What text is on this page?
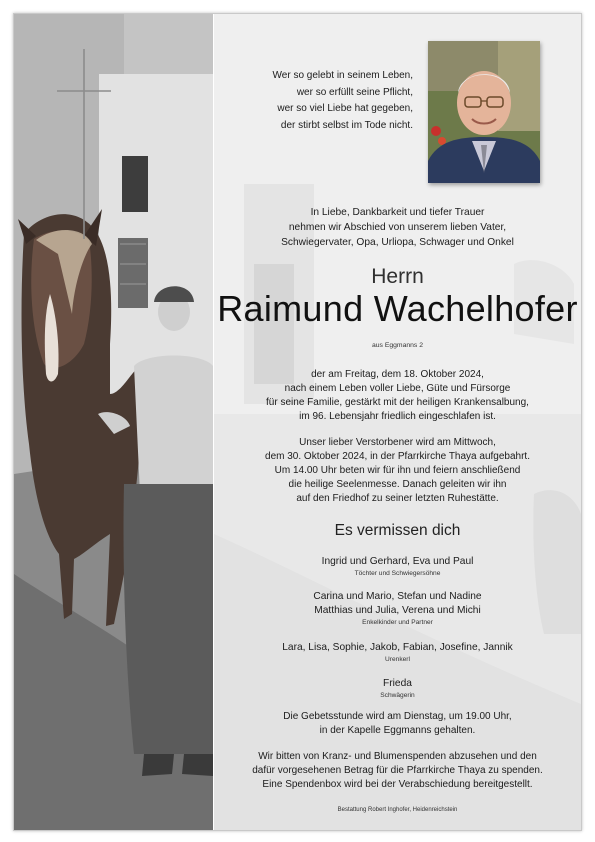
Wer so gelebt in seinem Leben,
wer so erfüllt seine Pflicht,
wer so viel Liebe hat gegeben,
der stirbt selbst im Tode nicht.
In Liebe, Dankbarkeit und tiefer Trauer
nehmen wir Abschied von unserem lieben Vater,
Schwiegervater, Opa, Urliopa, Schwager und Onkel
Herrn
Raimund Wachelhofer
aus Eggmanns 2
der am Freitag, dem 18. Oktober 2024,
nach einem Leben voller Liebe, Güte und Fürsorge
für seine Familie, gestärkt mit der heiligen Krankensalbung,
im 96. Lebensjahr friedlich eingeschlafen ist.
Unser lieber Verstorbener wird am Mittwoch,
dem 30. Oktober 2024, in der Pfarrkirche Thaya aufgebahrt.
Um 14.00 Uhr beten wir für ihn und feiern anschließend
die heilige Seelenmesse. Danach geleiten wir ihn
auf den Friedhof zu seiner letzten Ruhestätte.
Es vermissen dich
Ingrid und Gerhard, Eva und Paul
Töchter und Schwiegersöhne
Carina und Mario, Stefan und Nadine
Matthias und Julia, Verena und Michi
Enkelkinder und Partner
Lara, Lisa, Sophie, Jakob, Fabian, Josefine, Jannik
Urenkerl
Frieda
Schwägerin
Die Gebetsstunde wird am Dienstag, um 19.00 Uhr,
in der Kapelle Eggmanns gehalten.
Wir bitten von Kranz- und Blumenspenden abzusehen und den
dafür vorgesehenen Betrag für die Pfarrkirche Thaya zu spenden.
Eine Spendenbox wird bei der Verabschiedung bereitgestellt.
Bestattung Robert Inghofer, Heidenreichstein
